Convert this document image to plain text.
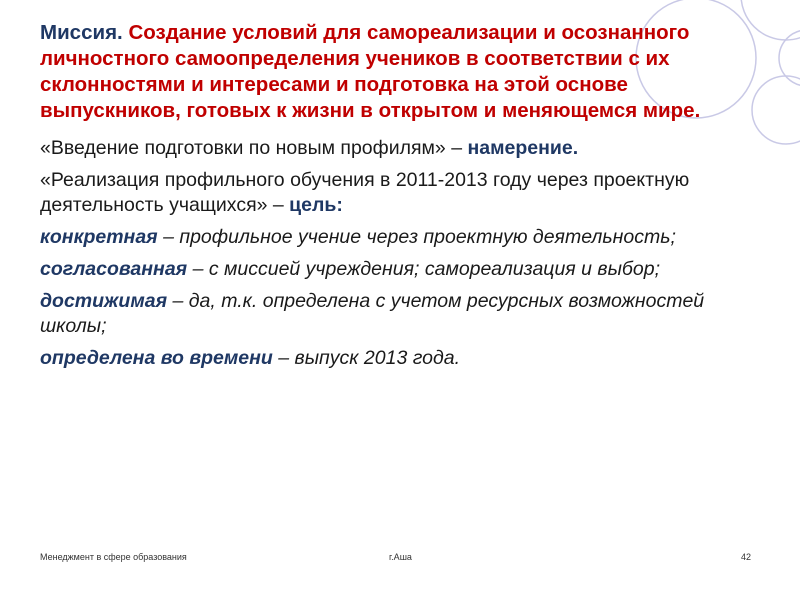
Миссия. Создание условий для самореализации и осознанного личностного самоопределения учеников в соответствии с их склонностями и интересами и подготовка на этой основе выпускников, готовых к жизни в открытом и меняющемся мире.

«Введение подготовки по новым профилям» – намерение.

«Реализация профильного обучения в 2011-2013 году через проектную деятельность учащихся» – цель:

конкретная – профильное учение через проектную деятельность;

согласованная – с миссией учреждения; самореализация и выбор;

достижимая – да, т.к. определена с учетом ресурсных возможностей школы;

определена во времени – выпуск 2013 года.

Менеджмент в сфере образования	г.Аша	42
